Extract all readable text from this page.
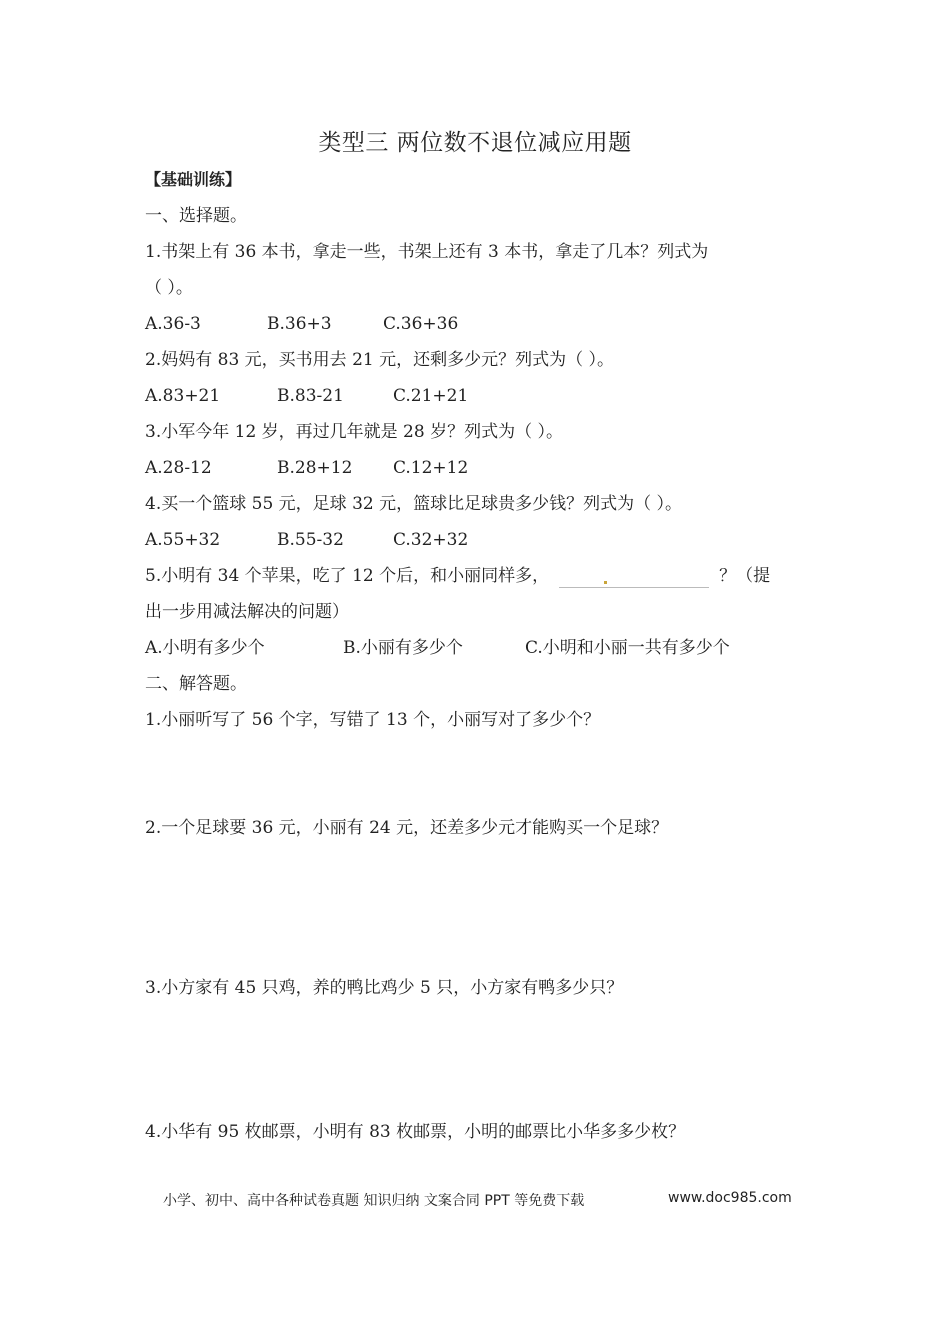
类型三 两位数不退位减应用题
【基础训练】
一、选择题。
1.书架上有 36 本书，拿走一些，书架上还有 3 本书，拿走了几本？列式为
（ ）。
A.36-3	B.36+3	C.36+36
2.妈妈有 83 元，买书用去 21 元，还剩多少元？列式为（ ）。
A.83+21	B.83-21	C.21+21
3.小军今年 12 岁，再过几年就是 28 岁？列式为（ ）。
A.28-12	B.28+12 C.12+12
4.买一个篮球 55 元，足球 32 元，篮球比足球贵多少钱？列式为（ ）。
A.55+32	B.55-32	C.32+32
5.小明有 34 个苹果，吃了 12 个后，和小丽同样多，	？（提
出一步用减法解决的问题）
A.小明有多少个	B.小丽有多少个	C.小明和小丽一共有多少个
二、解答题。
1.小丽听写了 56 个字，写错了 13 个，小丽写对了多少个？
2.一个足球要 36 元，小丽有 24 元，还差多少元才能购买一个足球？
3.小方家有 45 只鸡，养的鸭比鸡少 5 只，小方家有鸭多少只？
4.小华有 95 枚邮票，小明有 83 枚邮票，小明的邮票比小华多多少枚？
小学、初中、高中各种试卷真题 知识归纳 文案合同 PPT 等免费下载	www.doc985.com
